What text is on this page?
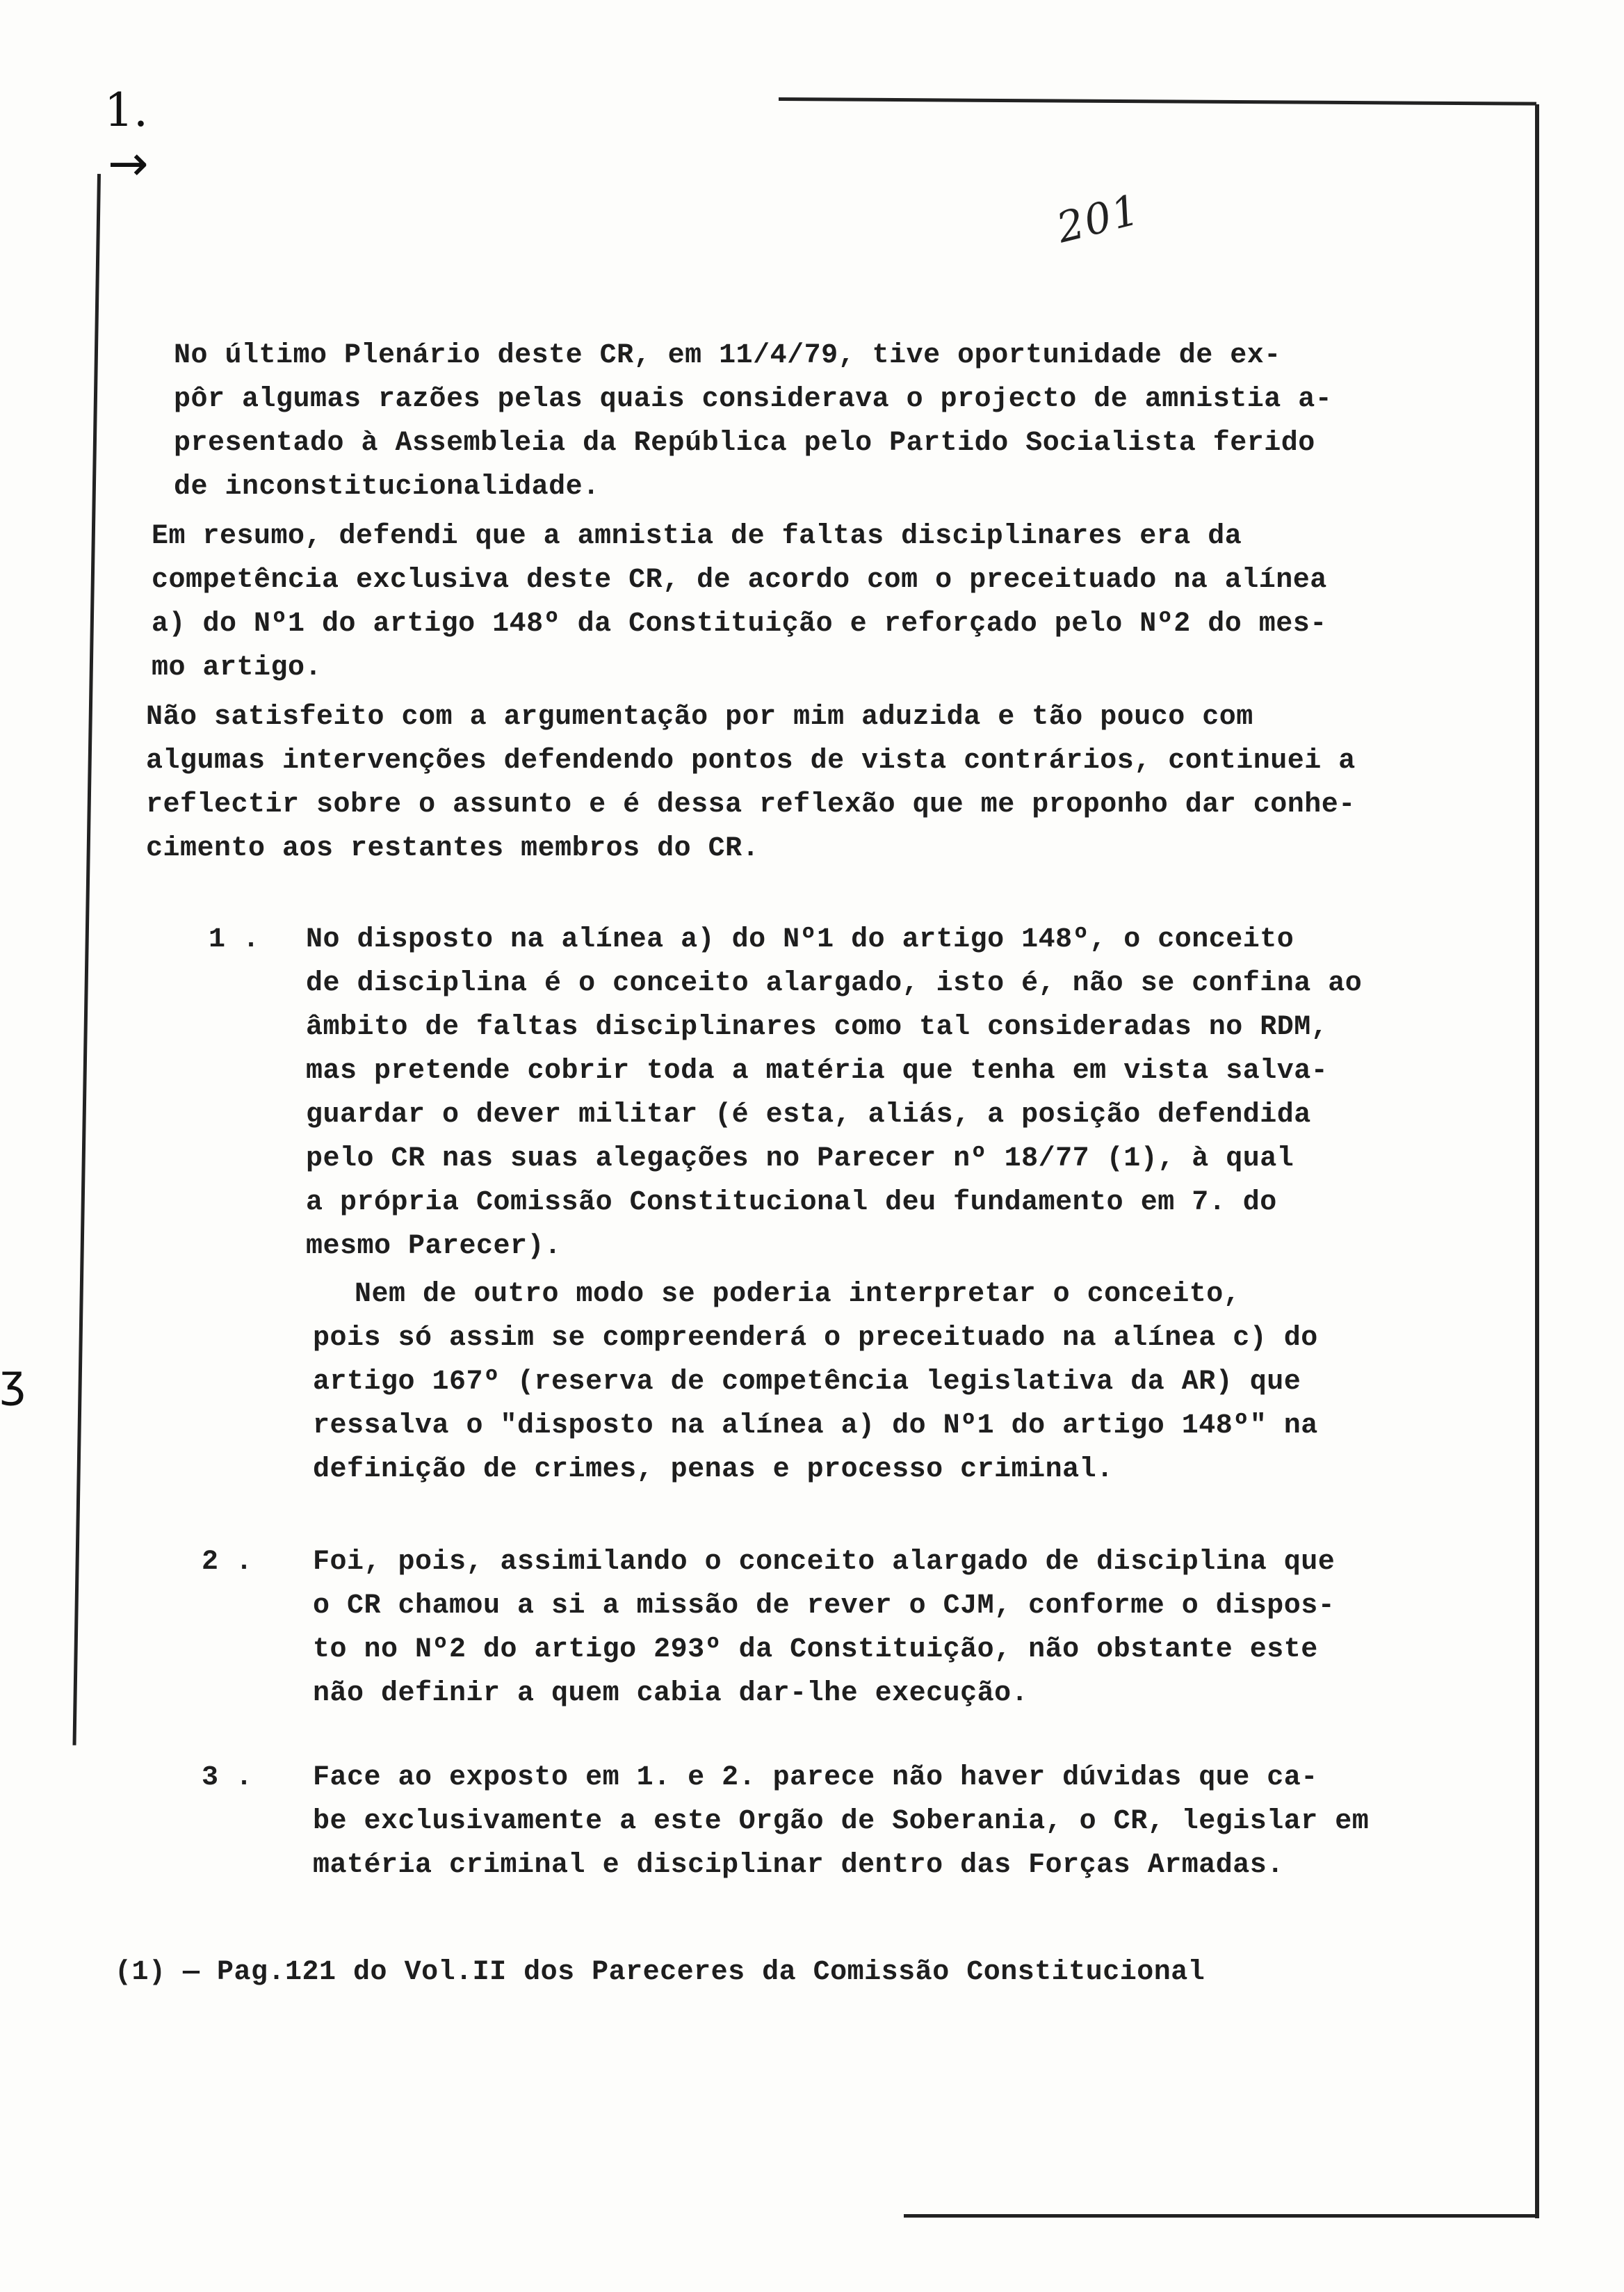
1.
→
ʒ
201
No último Plenário deste CR, em 11/4/79, tive oportunidade de ex-
pôr algumas razões pelas quais considerava o projecto de amnistia a-
presentado à Assembleia da República pelo Partido Socialista ferido
de inconstitucionalidade.
Em resumo, defendi que a amnistia de faltas disciplinares era da
competência exclusiva deste CR, de acordo com o preceituado na alínea
a) do Nº1 do artigo 148º da Constituição e reforçado pelo Nº2 do mes-
mo artigo.
Não satisfeito com a argumentação por mim aduzida e tão pouco com
algumas intervenções defendendo pontos de vista contrários, continuei a
reflectir sobre o assunto e é dessa reflexão que me proponho dar conhe-
cimento aos restantes membros do CR.
1 . No disposto na alínea a) do Nº1 do artigo 148º, o conceito
de disciplina é o conceito alargado, isto é, não se confina ao
âmbito de faltas disciplinares como tal consideradas no RDM,
mas pretende cobrir toda a matéria que tenha em vista salva-
guardar o dever militar (é esta, aliás, a posição defendida
pelo CR nas suas alegações no Parecer nº 18/77 (1), à qual
a própria Comissão Constitucional deu fundamento em 7. do
mesmo Parecer).
Nem de outro modo se poderia interpretar o conceito,
pois só assim se compreenderá o preceituado na alínea c) do
artigo 167º (reserva de competência legislativa da AR) que
ressalva o "disposto na alínea a) do Nº1 do artigo 148º" na
definição de crimes, penas e processo criminal.
2 . Foi, pois, assimilando o conceito alargado de disciplina que
o CR chamou a si a missão de rever o CJM, conforme o dispos-
to no Nº2 do artigo 293º da Constituição, não obstante este
não definir a quem cabia dar-lhe execução.
3 . Face ao exposto em 1. e 2. parece não haver dúvidas que ca-
be exclusivamente a este Orgão de Soberania, o CR, legislar em
matéria criminal e disciplinar dentro das Forças Armadas.
(1) — Pag.121 do Vol.II dos Pareceres da Comissão Constitucional
